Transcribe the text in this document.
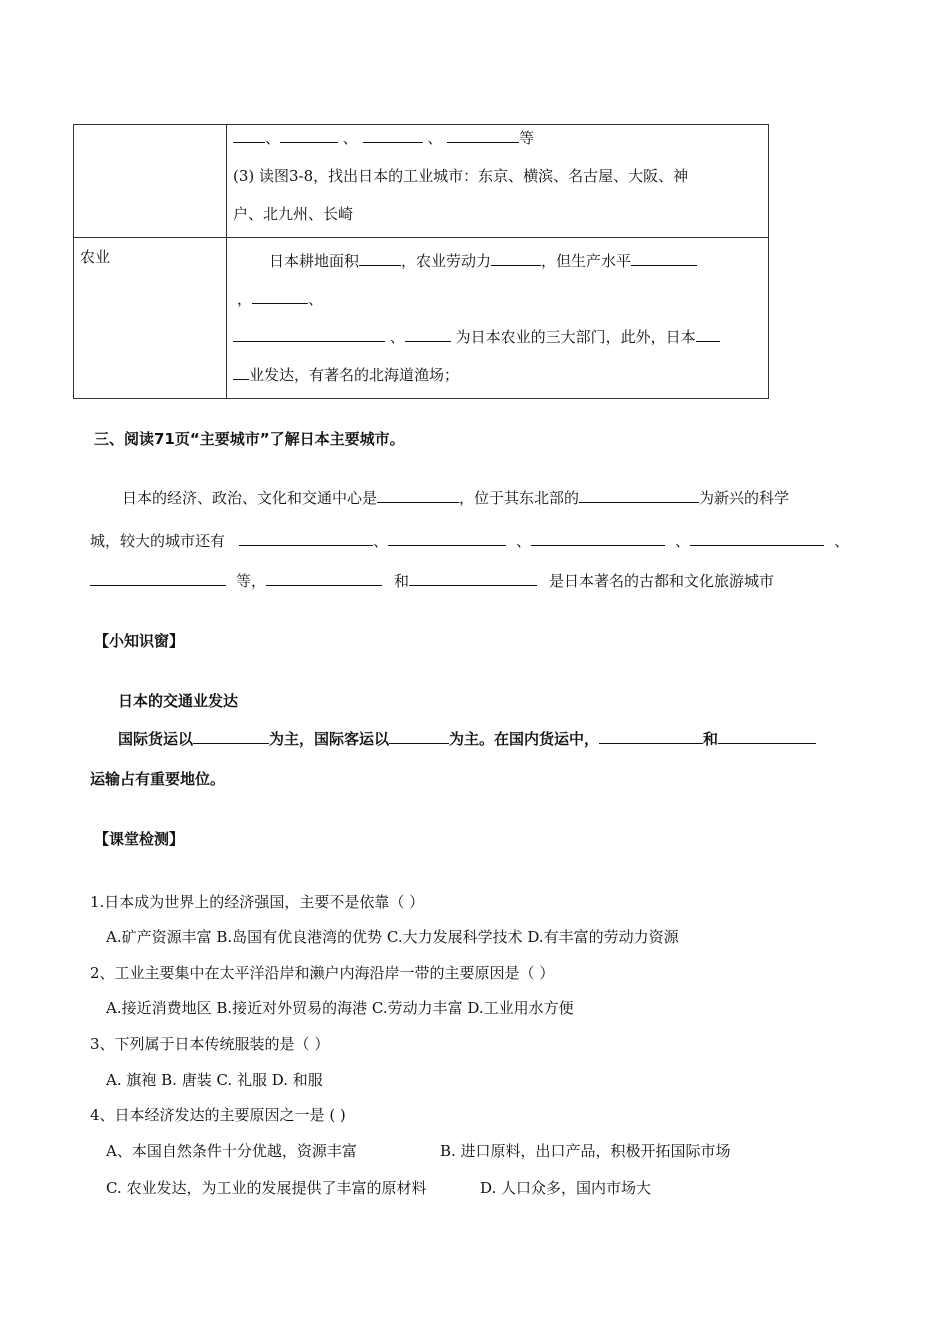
	、 、 、 等
(3) 读图3-8，找出日本的工业城市：东京、横滨、名古屋、大阪、神
户、北九州、长崎

农业	日本耕地面积 ，农业劳动力 ，但生产水平
， 、
、 为日本农业的三大部门，此外，日本
业发达，有著名的北海道渔场；
三、阅读71页“主要城市”了解日本主要城市。
日本的经济、政治、文化和交通中心是	，位于其东北部的	为新兴的科学
城，较大的城市还有	、	、	、	、
等，	和	是日本著名的古都和文化旅游城市
【小知识窗】
日本的交通业发达
国际货运以	为主，国际客运以	为主。在国内货运中，	和
运输占有重要地位。
【课堂检测】
1.日本成为世界上的经济强国，主要不是依靠（ ）
A.矿产资源丰富 B.岛国有优良港湾的优势 C.大力发展科学技术 D.有丰富的劳动力资源
2、工业主要集中在太平洋沿岸和濑户内海沿岸一带的主要原因是（ ）
A.接近消费地区 B.接近对外贸易的海港 C.劳动力丰富 D.工业用水方便
3、下列属于日本传统服装的是（ ）
A. 旗袍 B. 唐装 C. 礼服 D. 和服
4、日本经济发达的主要原因之一是 ( )
A、本国自然条件十分优越，资源丰富	B. 进口原料，出口产品，积极开拓国际市场
C. 农业发达，为工业的发展提供了丰富的原材料	D. 人口众多，国内市场大
